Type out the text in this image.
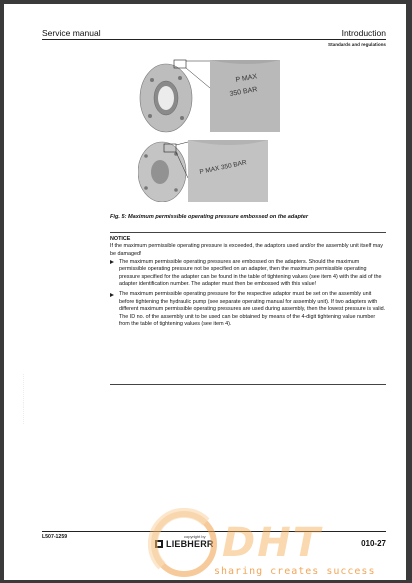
Service manual	Introduction
Standards and regulations
P MAX
350 BAR
P MAX 350 BAR
Fig. 5: Maximum permissible operating pressure embossed on the adapter
NOTICE

If the maximum permissible operating pressure is exceeded, the adaptors used and/or the assembly unit itself may be damaged!

The maximum permissible operating pressures are embossed on the adapters. Should the maximum permissible operating pressure not be specified on an adapter, then the maximum permissible operating pressure specified for the adapter can be found in the table of tightening values (see item 4) with the aid of the adapter identification number. The adapter must then be embossed with this value!
The maximum permissible operating pressure for the respective adaptor must be set on the assembly unit before tightening the hydraulic pump (see separate operating manual for assembly unit). If two adapters with different maximum permissible operating pressures are used during assembly, then the lowest pressure is valid. The ID no. of the assembly unit to be used can be obtained by means of the 4-digit tightening value number from the table of tightening values (see item 4).
· · · · · · · · · · · · · · · · · · · · · · · · · ·
L507-1259	copyright by
LIEBHERR	010-27
DHT
sharing creates success
